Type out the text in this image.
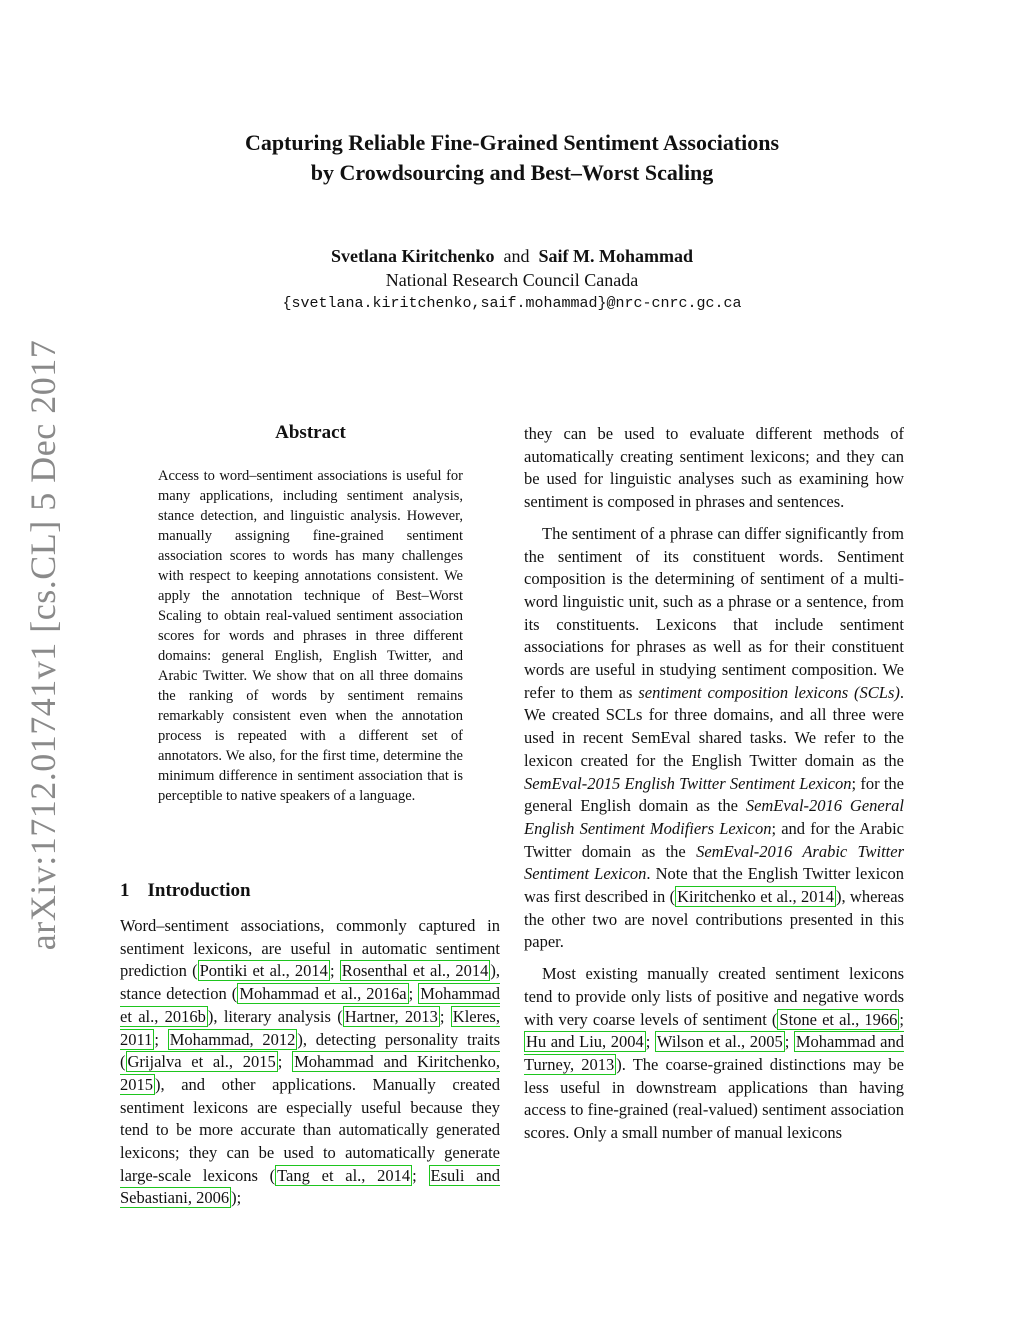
arXiv:1712.01741v1 [cs.CL] 5 Dec 2017
Capturing Reliable Fine-Grained Sentiment Associations
by Crowdsourcing and Best–Worst Scaling
Svetlana Kiritchenko and Saif M. Mohammad
National Research Council Canada
{svetlana.kiritchenko,saif.mohammad}@nrc-cnrc.gc.ca
Abstract
Access to word–sentiment associations is useful for many applications, including sentiment analysis, stance detection, and linguistic analysis. However, manually assigning fine-grained sentiment association scores to words has many challenges with respect to keeping annotations consistent. We apply the annotation technique of Best–Worst Scaling to obtain real-valued sentiment association scores for words and phrases in three different domains: general English, English Twitter, and Arabic Twitter. We show that on all three domains the ranking of words by sentiment remains remarkably consistent even when the annotation process is repeated with a different set of annotators. We also, for the first time, determine the minimum difference in sentiment association that is perceptible to native speakers of a language.
1 Introduction

Word–sentiment associations, commonly captured in sentiment lexicons, are useful in automatic sentiment prediction ( Pontiki et al., 2014 ; Rosenthal et al., 2014 ), stance detection ( Mohammad et al., 2016a ; Mohammad et al., 2016b ), literary analysis ( Hartner, 2013 ; Kleres, 2011 ; Mohammad, 2012 ), detecting personality traits ( Grijalva et al., 2015 ; Mohammad and Kiritchenko, 2015 ), and other applications. Manually created sentiment lexicons are especially useful because they tend to be more accurate than automatically generated lexicons; they can be used to automatically generate large-scale lexicons ( Tang et al., 2014 ; Esuli and Sebastiani, 2006 );

they can be used to evaluate different methods of automatically creating sentiment lexicons; and they can be used for linguistic analyses such as examining how sentiment is composed in phrases and sentences.

The sentiment of a phrase can differ significantly from the sentiment of its constituent words. Sentiment composition is the determining of sentiment of a multi-word linguistic unit, such as a phrase or a sentence, from its constituents. Lexicons that include sentiment associations for phrases as well as for their constituent words are useful in studying sentiment composition. We refer to them as sentiment composition lexicons (SCLs). We created SCLs for three domains, and all three were used in recent SemEval shared tasks. We refer to the lexicon created for the English Twitter domain as the SemEval-2015 English Twitter Sentiment Lexicon; for the general English domain as the SemEval-2016 General English Sentiment Modifiers Lexicon; and for the Arabic Twitter domain as the SemEval-2016 Arabic Twitter Sentiment Lexicon. Note that the English Twitter lexicon was first described in ( Kiritchenko et al., 2014 ), whereas the other two are novel contributions presented in this paper.

Most existing manually created sentiment lexicons tend to provide only lists of positive and negative words with very coarse levels of sentiment ( Stone et al., 1966 ; Hu and Liu, 2004 ; Wilson et al., 2005 ; Mohammad and Turney, 2013 ). The coarse-grained distinctions may be less useful in downstream applications than having access to fine-grained (real-valued) sentiment association scores. Only a small number of manual lexicons
